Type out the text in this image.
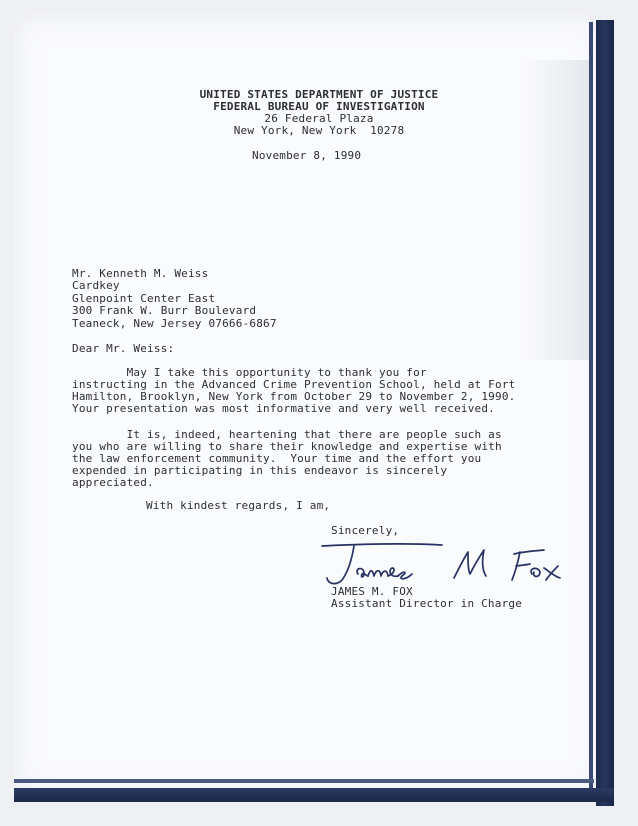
UNITED STATES DEPARTMENT OF JUSTICE
FEDERAL BUREAU OF INVESTIGATION
26 Federal Plaza
New York, New York  10278
November 8, 1990
Mr. Kenneth M. Weiss
Cardkey
Glenpoint Center East
300 Frank W. Burr Boulevard
Teaneck, New Jersey 07666-6867
Dear Mr. Weiss:
May I take this opportunity to thank you for
instructing in the Advanced Crime Prevention School, held at Fort
Hamilton, Brooklyn, New York from October 29 to November 2, 1990.
Your presentation was most informative and very well received.
It is, indeed, heartening that there are people such as
you who are willing to share their knowledge and expertise with
the law enforcement community.  Your time and the effort you
expended in participating in this endeavor is sincerely
appreciated.
With kindest regards, I am,
Sincerely,
JAMES M. FOX
Assistant Director in Charge
